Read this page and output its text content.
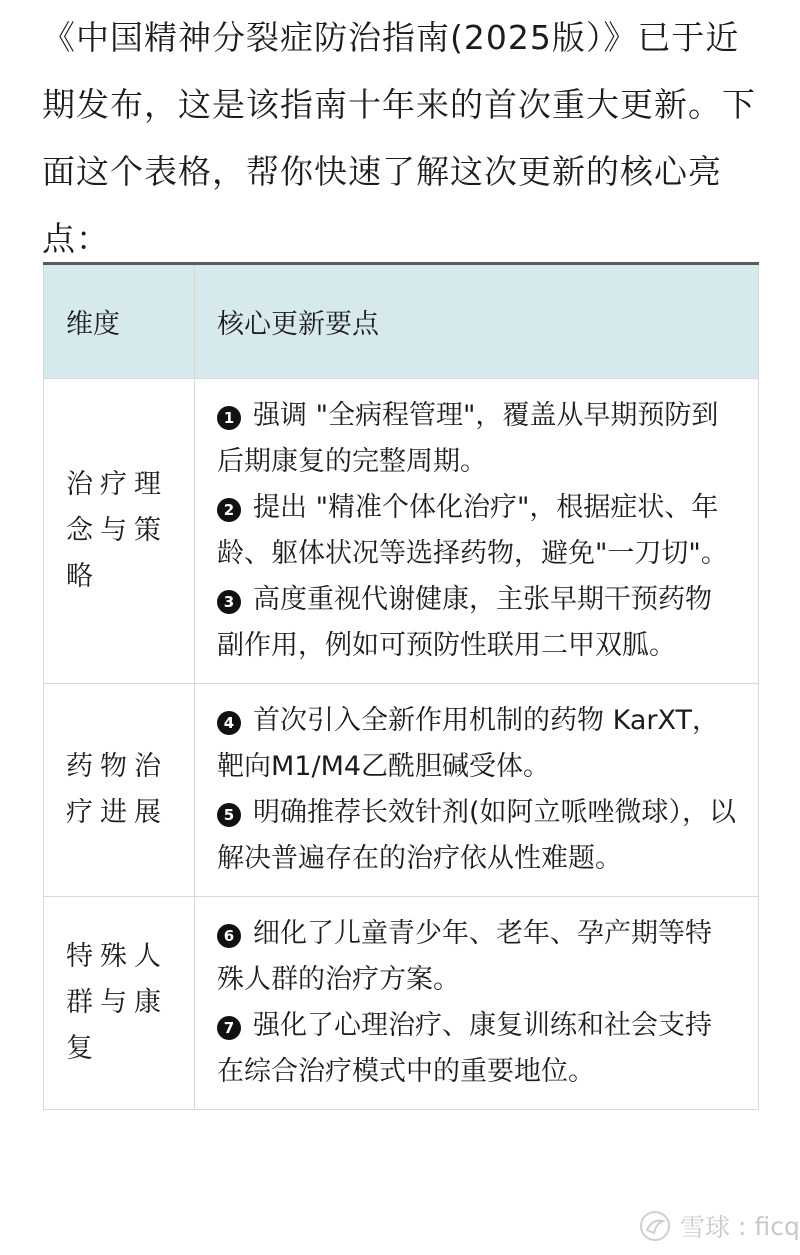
《中国精神分裂症防治指南(2025版）》已于近期发布，这是该指南十年来的首次重大更新。下面这个表格，帮你快速了解这次更新的核心亮点：

维度	核心更新要点
治疗理念与策略	1 强调 "全病程管理"，覆盖从早期预防到后期康复的完整周期。

2 提出 "精准个体化治疗"，根据症状、年龄、躯体状况等选择药物，避免"一刀切"。

3 高度重视代谢健康，主张早期干预药物副作用，例如可预防性联用二甲双胍。

药物治疗进展	4 首次引入全新作用机制的药物 KarXT，靶向M1/M4乙酰胆碱受体。

5 明确推荐长效针剂(如阿立哌唑微球），以解决普遍存在的治疗依从性难题。

特殊人群与康复	6 细化了儿童青少年、老年、孕产期等特殊人群的治疗方案。

7 强化了心理治疗、康复训练和社会支持在综合治疗模式中的重要地位。

雪球 : ficq
